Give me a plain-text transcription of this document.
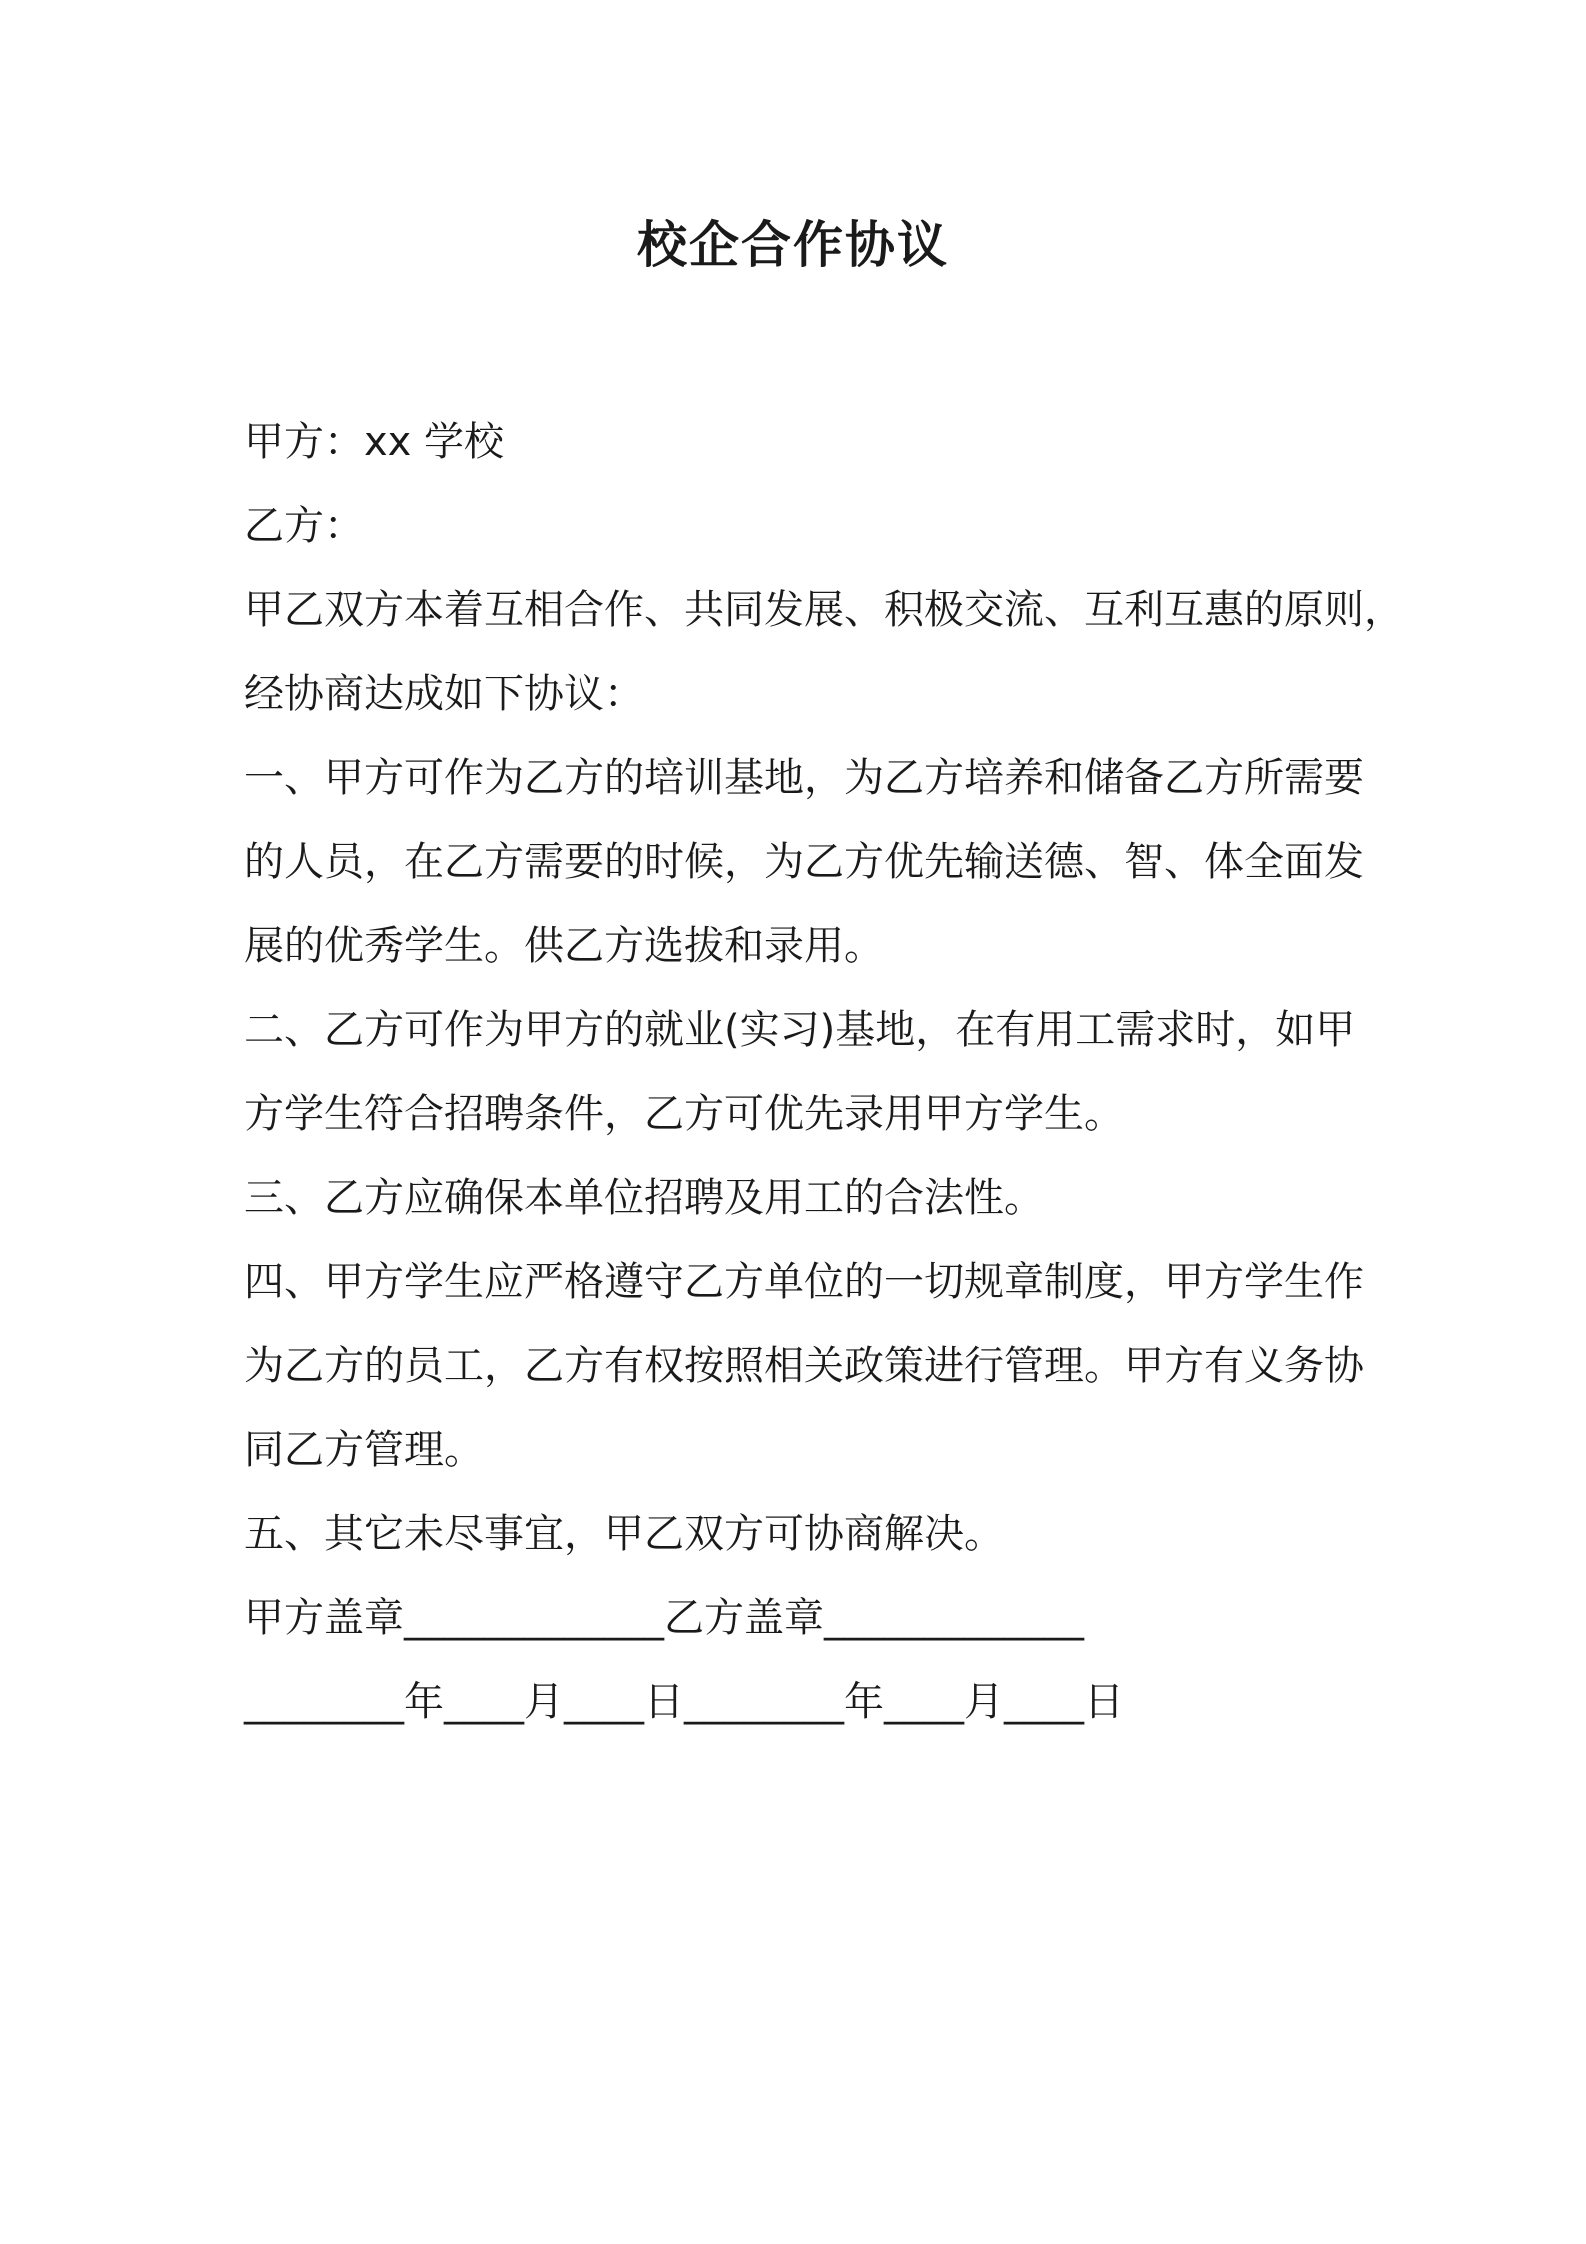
校企合作协议

甲方：xx 学校

乙方：

甲乙双方本着互相合作、共同发展、积极交流、互利互惠的原则，

经协商达成如下协议：

一、甲方可作为乙方的培训基地，为乙方培养和储备乙方所需要

的人员，在乙方需要的时候，为乙方优先输送德、智、体全面发

展的优秀学生。供乙方选拔和录用。

二、乙方可作为甲方的就业(实习)基地，在有用工需求时，如甲

方学生符合招聘条件，乙方可优先录用甲方学生。

三、乙方应确保本单位招聘及用工的合法性。

四、甲方学生应严格遵守乙方单位的一切规章制度，甲方学生作

为乙方的员工，乙方有权按照相关政策进行管理。甲方有义务协

同乙方管理。

五、其它未尽事宜，甲乙双方可协商解决。

甲方盖章_____________乙方盖章_____________

________年____月____日________年____月____日
